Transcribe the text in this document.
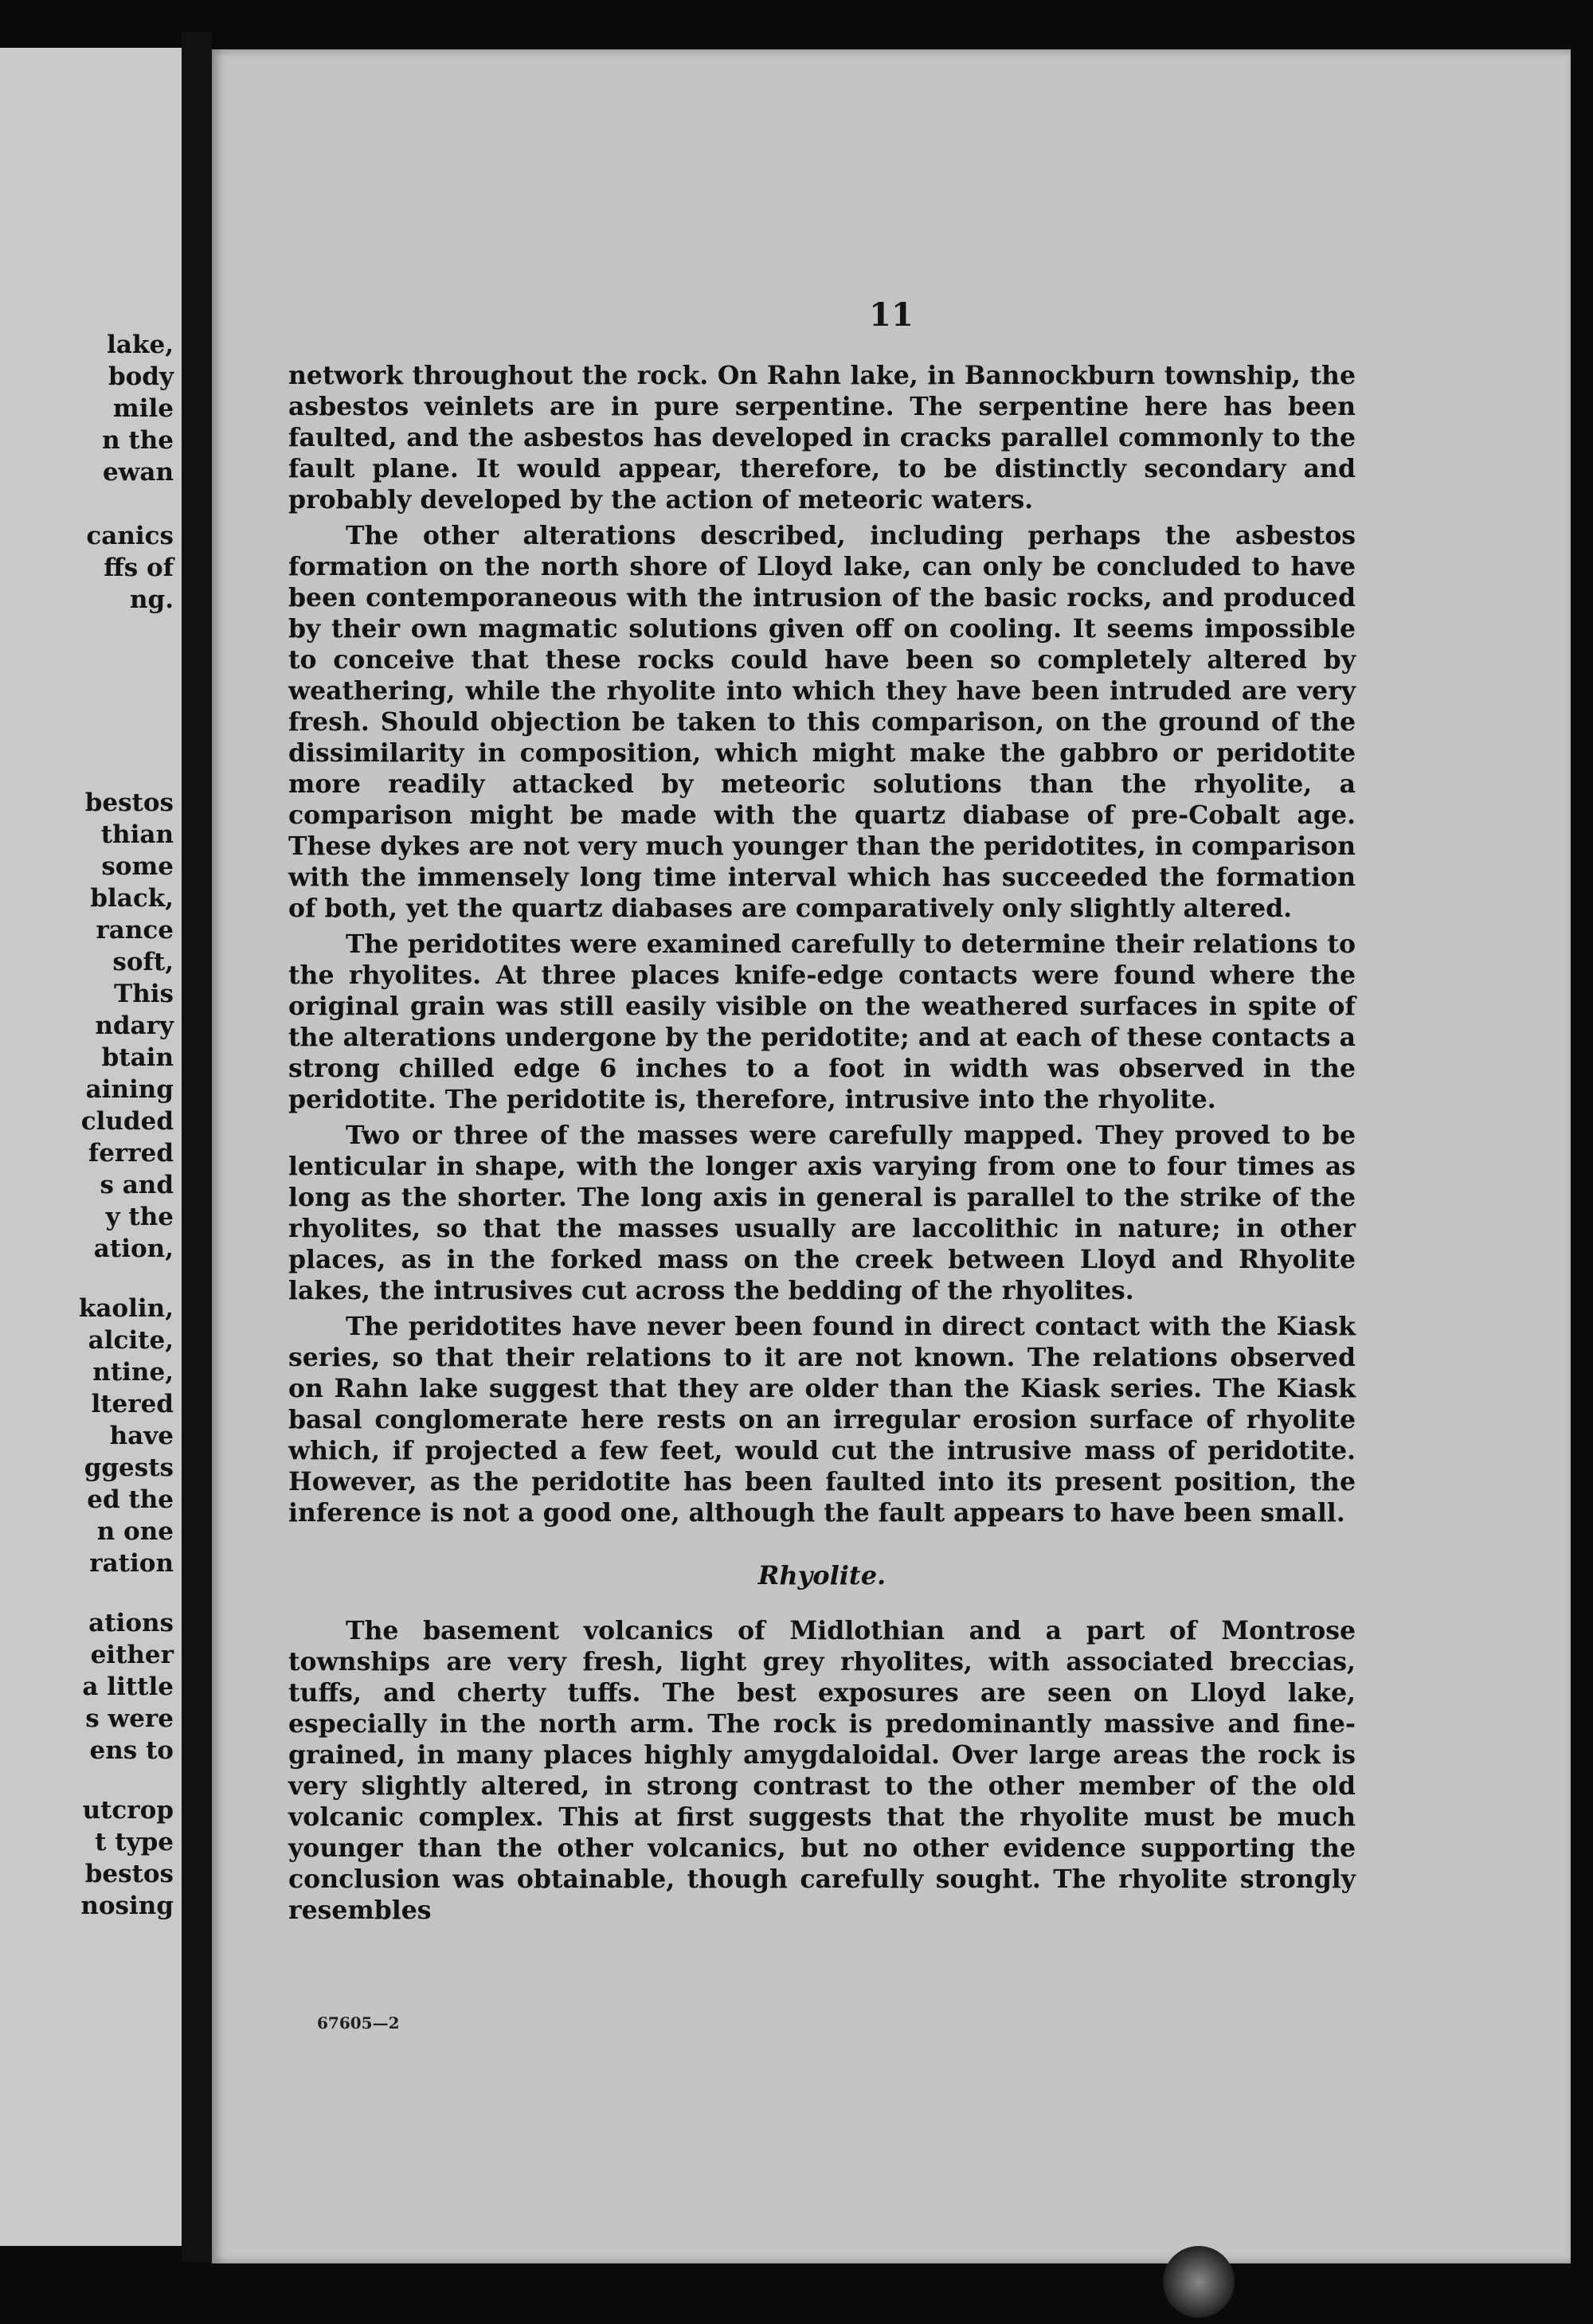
lake,
body
mile
n the
ewan
canics
ffs of
ng.
bestos
thian
some
black,
rance
soft,
This
ndary
btain
aining
cluded
ferred
s and
y the
ation,
kaolin,
alcite,
ntine,
ltered
have
ggests
ed the
n one
ration
ations
either
a little
s were
ens to
utcrop
t type
bestos
nosing
11

network throughout the rock. On Rahn lake, in Bannockburn township, the asbestos veinlets are in pure serpentine. The serpentine here has been faulted, and the asbestos has developed in cracks parallel commonly to the fault plane. It would appear, therefore, to be distinctly secondary and probably developed by the action of meteoric waters.

The other alterations described, including perhaps the asbestos formation on the north shore of Lloyd lake, can only be concluded to have been contemporaneous with the intrusion of the basic rocks, and produced by their own magmatic solutions given off on cooling. It seems impossible to conceive that these rocks could have been so completely altered by weathering, while the rhyolite into which they have been intruded are very fresh. Should objection be taken to this comparison, on the ground of the dissimilarity in composition, which might make the gabbro or peridotite more readily attacked by meteoric solutions than the rhyolite, a comparison might be made with the quartz diabase of pre-Cobalt age. These dykes are not very much younger than the peridotites, in comparison with the immensely long time interval which has succeeded the formation of both, yet the quartz diabases are comparatively only slightly altered.

The peridotites were examined carefully to determine their relations to the rhyolites. At three places knife-edge contacts were found where the original grain was still easily visible on the weathered surfaces in spite of the alterations undergone by the peridotite; and at each of these contacts a strong chilled edge 6 inches to a foot in width was observed in the peridotite. The peridotite is, therefore, intrusive into the rhyolite.

Two or three of the masses were carefully mapped. They proved to be lenticular in shape, with the longer axis varying from one to four times as long as the shorter. The long axis in general is parallel to the strike of the rhyolites, so that the masses usually are laccolithic in nature; in other places, as in the forked mass on the creek between Lloyd and Rhyolite lakes, the intrusives cut across the bedding of the rhyolites.

The peridotites have never been found in direct contact with the Kiask series, so that their relations to it are not known. The relations observed on Rahn lake suggest that they are older than the Kiask series. The Kiask basal conglomerate here rests on an irregular erosion surface of rhyolite which, if projected a few feet, would cut the intrusive mass of peridotite. However, as the peridotite has been faulted into its present position, the inference is not a good one, although the fault appears to have been small.

Rhyolite.

The basement volcanics of Midlothian and a part of Montrose townships are very fresh, light grey rhyolites, with associated breccias, tuffs, and cherty tuffs. The best exposures are seen on Lloyd lake, especially in the north arm. The rock is predominantly massive and fine-grained, in many places highly amygdaloidal. Over large areas the rock is very slightly altered, in strong contrast to the other member of the old volcanic complex. This at first suggests that the rhyolite must be much younger than the other volcanics, but no other evidence supporting the conclusion was obtainable, though carefully sought. The rhyolite strongly resembles

67605—2
